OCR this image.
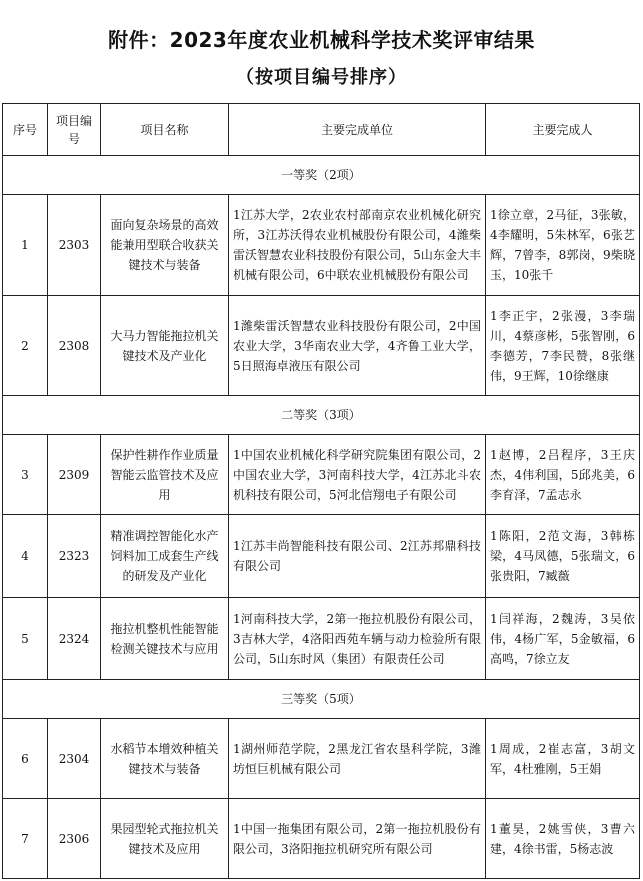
附件：2023年度农业机械科学技术奖评审结果
（按项目编号排序）
序号	项目编号	项目名称	主要完成单位	主要完成人
一等奖（2项）				
1	2303	面向复杂场景的高效能兼用型联合收获关键技术与装备	1江苏大学，2农业农村部南京农业机械化研究所，3江苏沃得农业机械股份有限公司，4潍柴雷沃智慧农业科技股份有限公司，5山东金大丰机械有限公司，6中联农业机械股份有限公司	1徐立章，2马征，3张敏，4李耀明，5朱林军，6张艺辉，7曾李，8郭岗，9柴晓玉，10张千
2	2308	大马力智能拖拉机关键技术及产业化	1潍柴雷沃智慧农业科技股份有限公司，2中国农业大学，3华南农业大学，4齐鲁工业大学，5日照海卓液压有限公司	1李正宇，2张漫，3李瑞川，4蔡彦彬，5张智刚，6李德芳，7李民赞，8张继伟，9王辉，10徐继康
二等奖（3项）				
3	2309	保护性耕作作业质量智能云监管技术及应用	1中国农业机械化科学研究院集团有限公司，2中国农业大学，3河南科技大学，4江苏北斗农机科技有限公司，5河北信翔电子有限公司	1赵博，2吕程序，3王庆杰，4伟利国，5邱兆美，6李育泽，7孟志永
4	2323	精准调控智能化水产饲料加工成套生产线的研发及产业化	1江苏丰尚智能科技有限公司、2江苏邦鼎科技有限公司	1陈阳，2范文海，3韩栋梁，4马凤德，5张瑞文，6张贵阳，7臧薇
5	2324	拖拉机整机性能智能检测关键技术与应用	1河南科技大学，2第一拖拉机股份有限公司，3吉林大学，4洛阳西苑车辆与动力检验所有限公司，5山东时风（集团）有限责任公司	1闫祥海，2魏涛，3吴依伟，4杨广军，5金敏福，6高鸣，7徐立友
三等奖（5项）				
6	2304	水稻节本增效种植关键技术与装备	1湖州师范学院，2黑龙江省农垦科学院，3潍坊恒巨机械有限公司	1周成，2崔志富，3胡文军，4杜雅刚，5王娟
7	2306	果园型轮式拖拉机关键技术及应用	1中国一拖集团有限公司，2第一拖拉机股份有限公司，3洛阳拖拉机研究所有限公司	1董昊，2姚雪侠，3曹六建，4徐书雷，5杨志波
